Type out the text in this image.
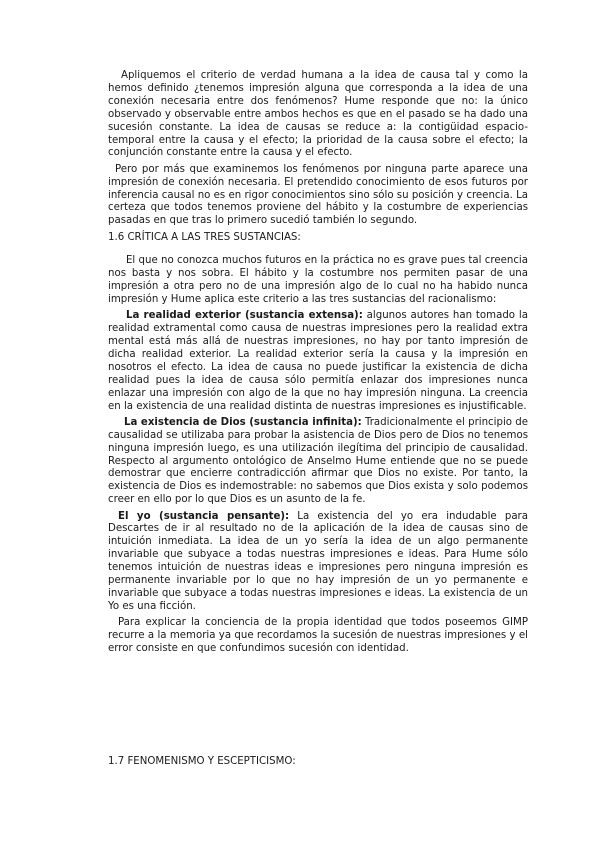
Apliquemos el criterio de verdad humana a la idea de causa tal y como la hemos definido ¿tenemos impresión alguna que corresponda a la idea de una conexión necesaria entre dos fenómenos? Hume responde que no: la único observado y observable entre ambos hechos es que en el pasado se ha dado una sucesión constante. La idea de causas se reduce a: la contigüidad espacio-temporal entre la causa y el efecto; la prioridad de la causa sobre el efecto; la conjunción constante entre la causa y el efecto.

Pero por más que examinemos los fenómenos por ninguna parte aparece una impresión de conexión necesaria. El pretendido conocimiento de esos futuros por inferencia causal no es en rigor conocimientos sino sólo su posición y creencia. La certeza que todos tenemos proviene del hábito y la costumbre de experiencias pasadas en que tras lo primero sucedió también lo segundo.

1.6 CRÍTICA A LAS TRES SUSTANCIAS:

El que no conozca muchos futuros en la práctica no es grave pues tal creencia nos basta y nos sobra. El hábito y la costumbre nos permiten pasar de una impresión a otra pero no de una impresión algo de lo cual no ha habido nunca impresión y Hume aplica este criterio a las tres sustancias del racionalismo:

La realidad exterior (sustancia extensa): algunos autores han tomado la realidad extramental como causa de nuestras impresiones pero la realidad extra mental está más allá de nuestras impresiones, no hay por tanto impresión de dicha realidad exterior. La realidad exterior sería la causa y la impresión en nosotros el efecto. La idea de causa no puede justificar la existencia de dicha realidad pues la idea de causa sólo permitía enlazar dos impresiones nunca enlazar una impresión con algo de la que no hay impresión ninguna. La creencia en la existencia de una realidad distinta de nuestras impresiones es injustificable.

La existencia de Dios (sustancia infinita): Tradicionalmente el principio de causalidad se utilizaba para probar la asistencia de Dios pero de Dios no tenemos ninguna impresión luego, es una utilización ilegítima del principio de causalidad. Respecto al argumento ontológico de Anselmo Hume entiende que no se puede demostrar que encierre contradicción afirmar que Dios no existe. Por tanto, la existencia de Dios es indemostrable: no sabemos que Dios exista y solo podemos creer en ello por lo que Dios es un asunto de la fe.

El yo (sustancia pensante): La existencia del yo era indudable para Descartes de ir al resultado no de la aplicación de la idea de causas sino de intuición inmediata. La idea de un yo sería la idea de un algo permanente invariable que subyace a todas nuestras impresiones e ideas. Para Hume sólo tenemos intuición de nuestras ideas e impresiones pero ninguna impresión es permanente invariable por lo que no hay impresión de un yo permanente e invariable que subyace a todas nuestras impresiones e ideas. La existencia de un Yo es una ficción.

Para explicar la conciencia de la propia identidad que todos poseemos GIMP recurre a la memoria ya que recordamos la sucesión de nuestras impresiones y el error consiste en que confundimos sucesión con identidad.

1.7 FENOMENISMO Y ESCEPTICISMO:
